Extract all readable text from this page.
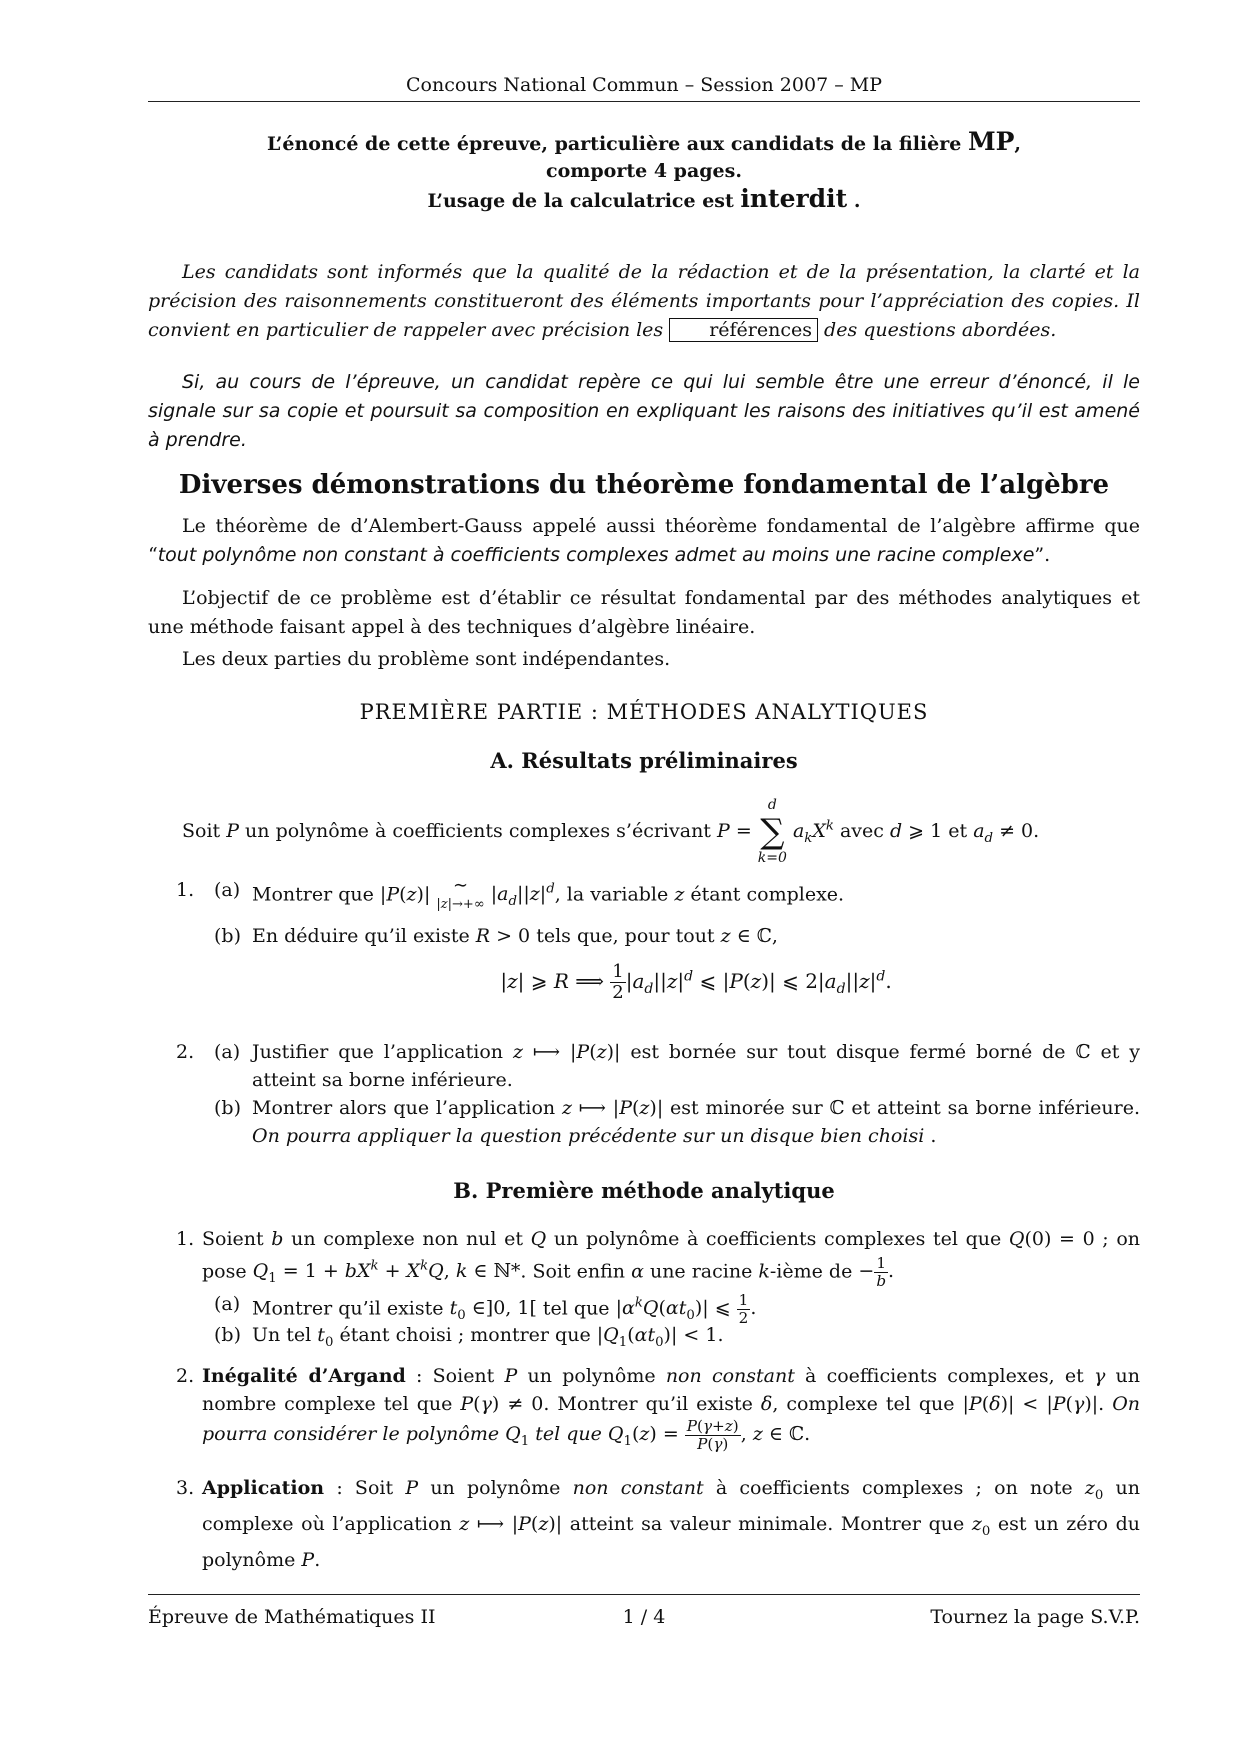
Concours National Commun – Session 2007 – MP
L’énoncé de cette épreuve, particulière aux candidats de la filière MP,
comporte 4 pages.
L’usage de la calculatrice est interdit .
Les candidats sont informés que la qualité de la rédaction et de la présentation, la clarté et la précision des raisonnements constitueront des éléments importants pour l’appréciation des copies. Il convient en particulier de rappeler avec précision les références des questions abordées.
Si, au cours de l’épreuve, un candidat repère ce qui lui semble être une erreur d’énoncé, il le signale sur sa copie et poursuit sa composition en expliquant les raisons des initiatives qu’il est amené à prendre.
Diverses démonstrations du théorème fondamental de l’algèbre
Le théorème de d’Alembert-Gauss appelé aussi théorème fondamental de l’algèbre affirme que “tout polynôme non constant à coefficients complexes admet au moins une racine complexe”.
L’objectif de ce problème est d’établir ce résultat fondamental par des méthodes analytiques et une méthode faisant appel à des techniques d’algèbre linéaire.
Les deux parties du problème sont indépendantes.
PREMIÈRE PARTIE : MÉTHODES ANALYTIQUES
A. Résultats préliminaires
Soit P un polynôme à coefficients complexes s’écrivant P =
d
∑
k=0
$a_kX^k$ avec d ⩾ 1 et $a_d \ne 0$.
1. (a) Montrer que |P(z)|	∼
|z|→+∞ $|a_d||z|^d$, la variable z étant complexe.
(b) En déduire qu’il existe R > 0 tels que, pour tout z ∈ ℂ,
|z| ⩾ R ⟹ $\frac{1}{2} |a_d||z|^d$ ⩽ |P(z)| ⩽ $2|a_d||z|^d$.
2. (a) Justifier que l’application z ⟼ |P(z)| est bornée sur tout disque fermé borné de ℂ et y atteint sa borne inférieure.
(b) Montrer alors que l’application z ⟼ |P(z)| est minorée sur ℂ et atteint sa borne inférieure. On pourra appliquer la question précédente sur un disque bien choisi .
B. Première méthode analytique
1. Soient b un complexe non nul et Q un polynôme à coefficients complexes tel que Q(0) = 0 ; on pose $Q_1 = 1 + bX^k + X^kQ$, k ∈ ℕ*. Soit enfin α une racine k-ième de − $\frac{1}{b}$ .
(a) Montrer qu’il existe $t_0$ ∈]0, 1[ tel que $|\alpha^kQ(\alpha t_0)|$ ⩽ $\frac{1}{2}$ .
(b) Un tel $t_0$ étant choisi ; montrer que $|Q_1(\alpha t_0)| < 1$.
2. Inégalité d’Argand : Soient P un polynôme non constant à coefficients complexes, et γ un nombre complexe tel que P(γ) ≠ 0. Montrer qu’il existe δ, complexe tel que |P(δ)| < |P(γ)|. On pourra considérer le polynôme $Q_1$ tel que $Q_1(z) = \frac{P(\gamma+z)}{P(\gamma)}$ , z ∈ ℂ.
3. Application : Soit P un polynôme non constant à coefficients complexes ; on note $z_0$ un complexe où l’application z ⟼ |P(z)| atteint sa valeur minimale. Montrer que $z_0$ est un zéro du polynôme P.
Épreuve de Mathématiques II	1 / 4	Tournez la page S.V.P.
